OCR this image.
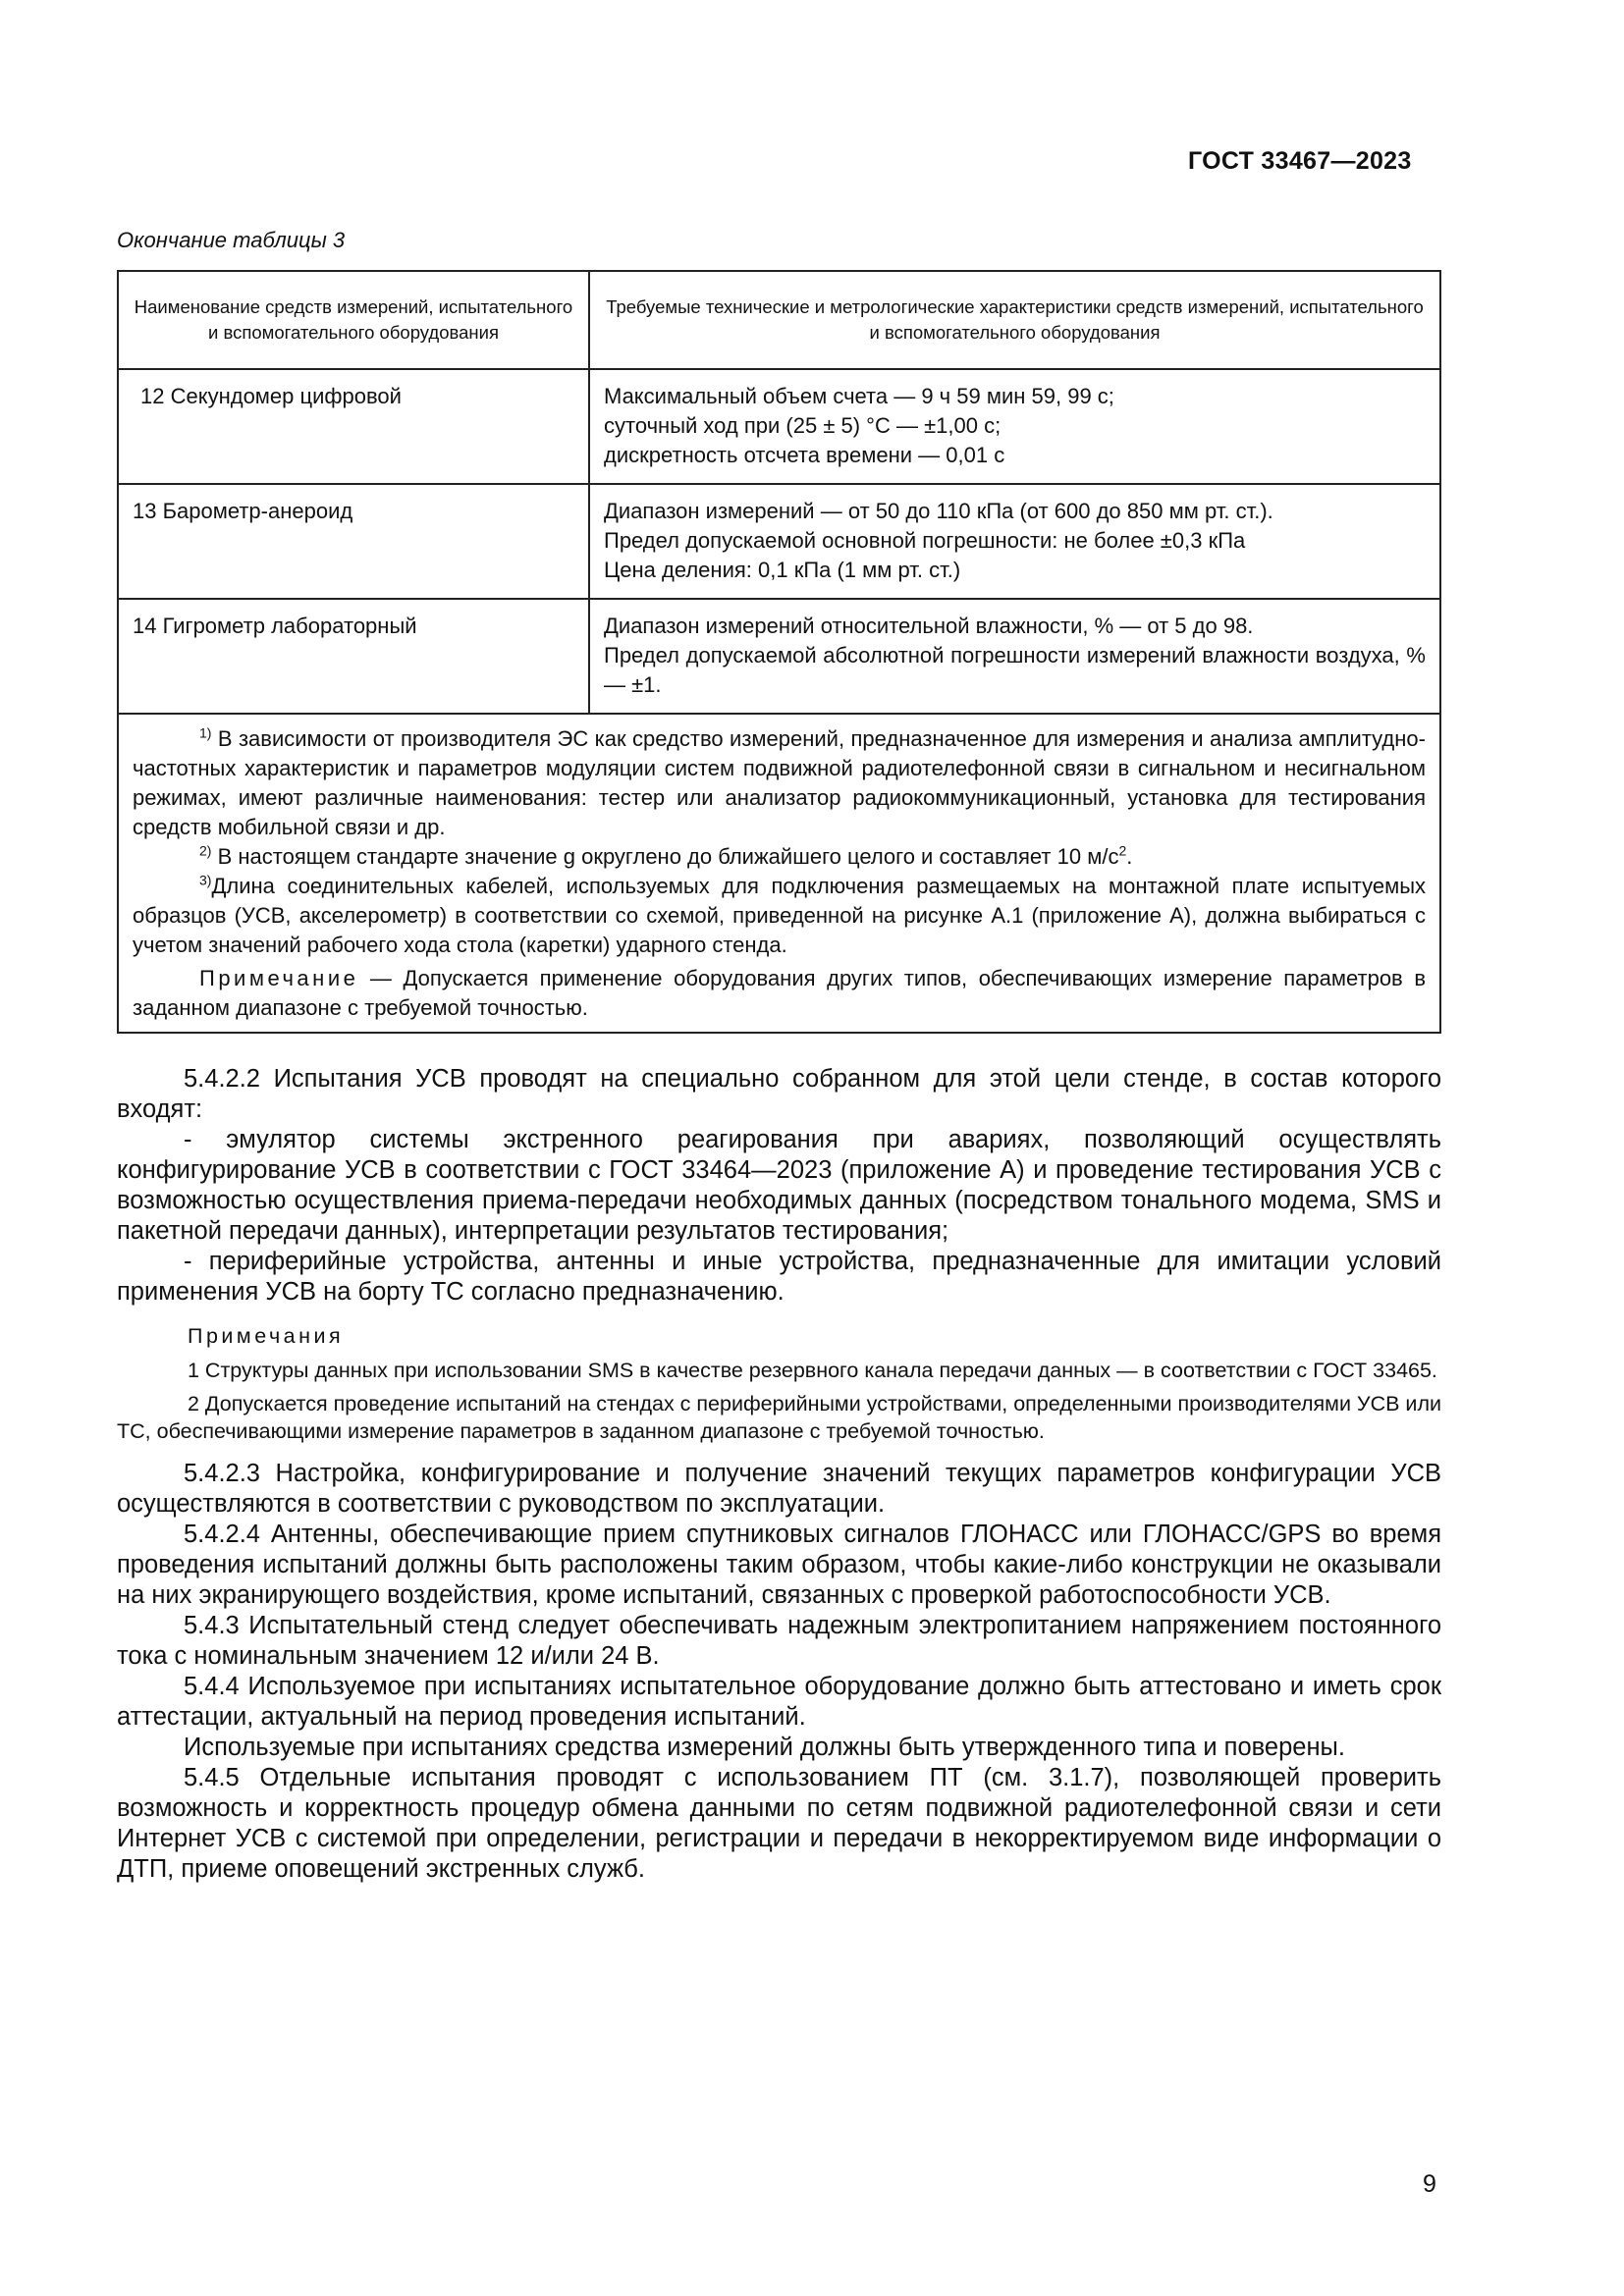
ГОСТ 33467—2023
Окончание таблицы 3
Наименование средств измерений, испытательного и вспомогательного оборудования	Требуемые технические и метрологические характеристики средств измерений, испытательного и вспомогательного оборудования
12 Секундомер цифровой	Максимальный объем счета — 9 ч 59 мин 59, 99 с;
суточный ход при (25 ± 5) °С — ±1,00 с;
дискретность отсчета времени — 0,01 с

13 Барометр-анероид	Диапазон измерений — от 50 до 110 кПа (от 600 до 850 мм рт. ст.).
Предел допускаемой основной погрешности: не более ±0,3 кПа
Цена деления: 0,1 кПа (1 мм рт. ст.)

14 Гигрометр лабораторный	Диапазон измерений относительной влажности, % — от 5 до 98.
Предел допускаемой абсолютной погрешности измерений влажности воздуха, % — ±1.

$^{1)}$ В зависимости от производителя ЭС как средство измерений, предназначенное для измерения и анализа амплитудно-частотных характеристик и параметров модуляции систем подвижной радиотелефонной связи в сигнальном и несигнальном режимах, имеют различные наименования: тестер или анализатор радиокоммуникационный, установка для тестирования средств мобильной связи и др.

$^{2)}$ В настоящем стандарте значение g округлено до ближайшего целого и составляет 10 $м/с^2$.

$^{3)}$Длина соединительных кабелей, используемых для подключения размещаемых на монтажной плате испытуемых образцов (УСВ, акселерометр) в соответствии со схемой, приведенной на рисунке А.1 (приложение А), должна выбираться с учетом значений рабочего хода стола (каретки) ударного стенда.

Примечание — Допускается применение оборудования других типов, обеспечивающих измерение параметров в заданном диапазоне с требуемой точностью.	

5.4.2.2 Испытания УСВ проводят на специально собранном для этой цели стенде, в состав которого входят:

- эмулятор системы экстренного реагирования при авариях, позволяющий осуществлять конфигурирование УСВ в соответствии с ГОСТ 33464—2023 (приложение А) и проведение тестирования УСВ с возможностью осуществления приема-передачи необходимых данных (посредством тонального модема, SMS и пакетной передачи данных), интерпретации результатов тестирования;

- периферийные устройства, антенны и иные устройства, предназначенные для имитации условий применения УСВ на борту ТС согласно предназначению.

Примечания

1 Структуры данных при использовании SMS в качестве резервного канала передачи данных — в соответствии с ГОСТ 33465.

2 Допускается проведение испытаний на стендах с периферийными устройствами, определенными производителями УСВ или ТС, обеспечивающими измерение параметров в заданном диапазоне с требуемой точностью.

5.4.2.3 Настройка, конфигурирование и получение значений текущих параметров конфигурации УСВ осуществляются в соответствии с руководством по эксплуатации.

5.4.2.4 Антенны, обеспечивающие прием спутниковых сигналов ГЛОНАСС или ГЛОНАСС/GPS во время проведения испытаний должны быть расположены таким образом, чтобы какие-либо конструкции не оказывали на них экранирующего воздействия, кроме испытаний, связанных с проверкой работоспособности УСВ.

5.4.3 Испытательный стенд следует обеспечивать надежным электропитанием напряжением постоянного тока с номинальным значением 12 и/или 24 В.

5.4.4 Используемое при испытаниях испытательное оборудование должно быть аттестовано и иметь срок аттестации, актуальный на период проведения испытаний.

Используемые при испытаниях средства измерений должны быть утвержденного типа и поверены.

5.4.5 Отдельные испытания проводят с использованием ПТ (см. 3.1.7), позволяющей проверить возможность и корректность процедур обмена данными по сетям подвижной радиотелефонной связи и сети Интернет УСВ с системой при определении, регистрации и передачи в некорректируемом виде информации о ДТП, приеме оповещений экстренных служб.

9
